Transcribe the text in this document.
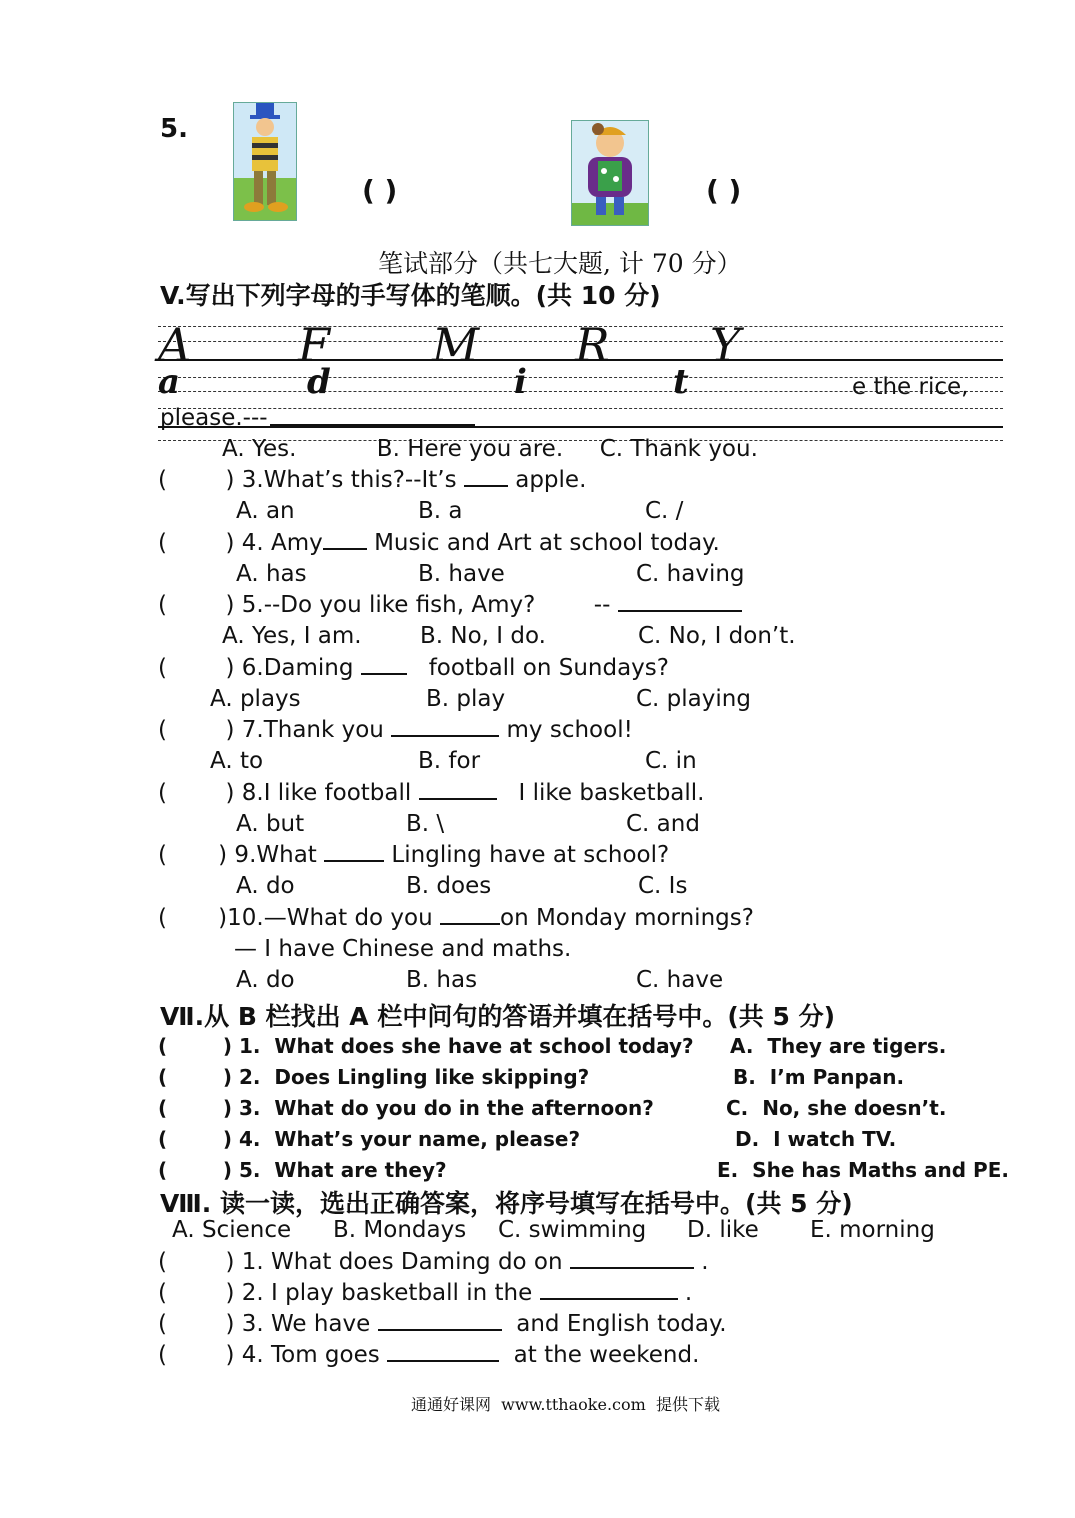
5.
( )	( )
笔试部分（共七大题, 计 70 分）
V.写出下列字母的手写体的笔顺。(共 10 分)
A F M R Y
a	d	i	t	e the rice,
please.---
A. Yes.           B. Here you are.     C. Thank you.
(        ) 3.What’s this?--It’s  apple.
A. an	B. a	C. /
(        ) 4. Amy Music and Art at school today.
A. has	B. have	C. having
(        ) 5.--Do you like fish, Amy?        --
A. Yes, I am.	B. No, I do.	C. No, I don’t.
(        ) 6.Daming    football on Sundays?
A. plays	B. play	C. playing
(        ) 7.Thank you	my school!
A. to	B. for	C. in
(        ) 8.I like football	I like basketball.
A. but	B. \	C. and
(       ) 9.What	Lingling have at school?
A. do	B. does	C. Is
(       )10.—What do you	on Monday mornings?
— I have Chinese and maths.
A. do	B. has	C. have
Ⅶ.从 B 栏找出 A 栏中问句的答语并填在括号中。(共 5 分)
(        ) 1.  What does she have at school today? A.  They are tigers.
(        ) 2.  Does Lingling like skipping?	B.  I’m Panpan.
(        ) 3.  What do you do in the afternoon?	C.  No, she doesn’t.
(        ) 4.  What’s your name, please?	D.  I watch TV.
(        ) 5.  What are they?	E.  She has Maths and PE.
Ⅷ. 读一读，选出正确答案，将序号填写在括号中。(共 5 分)
A. Science B. Mondays C. swimming D. like E. morning
(        ) 1. What does Daming do on	.
(        ) 2. I play basketball in the	.
(        ) 3. We have	and English today.
(        ) 4. Tom goes	at the weekend.
通通好课网  www.tthaoke.com  提供下载
